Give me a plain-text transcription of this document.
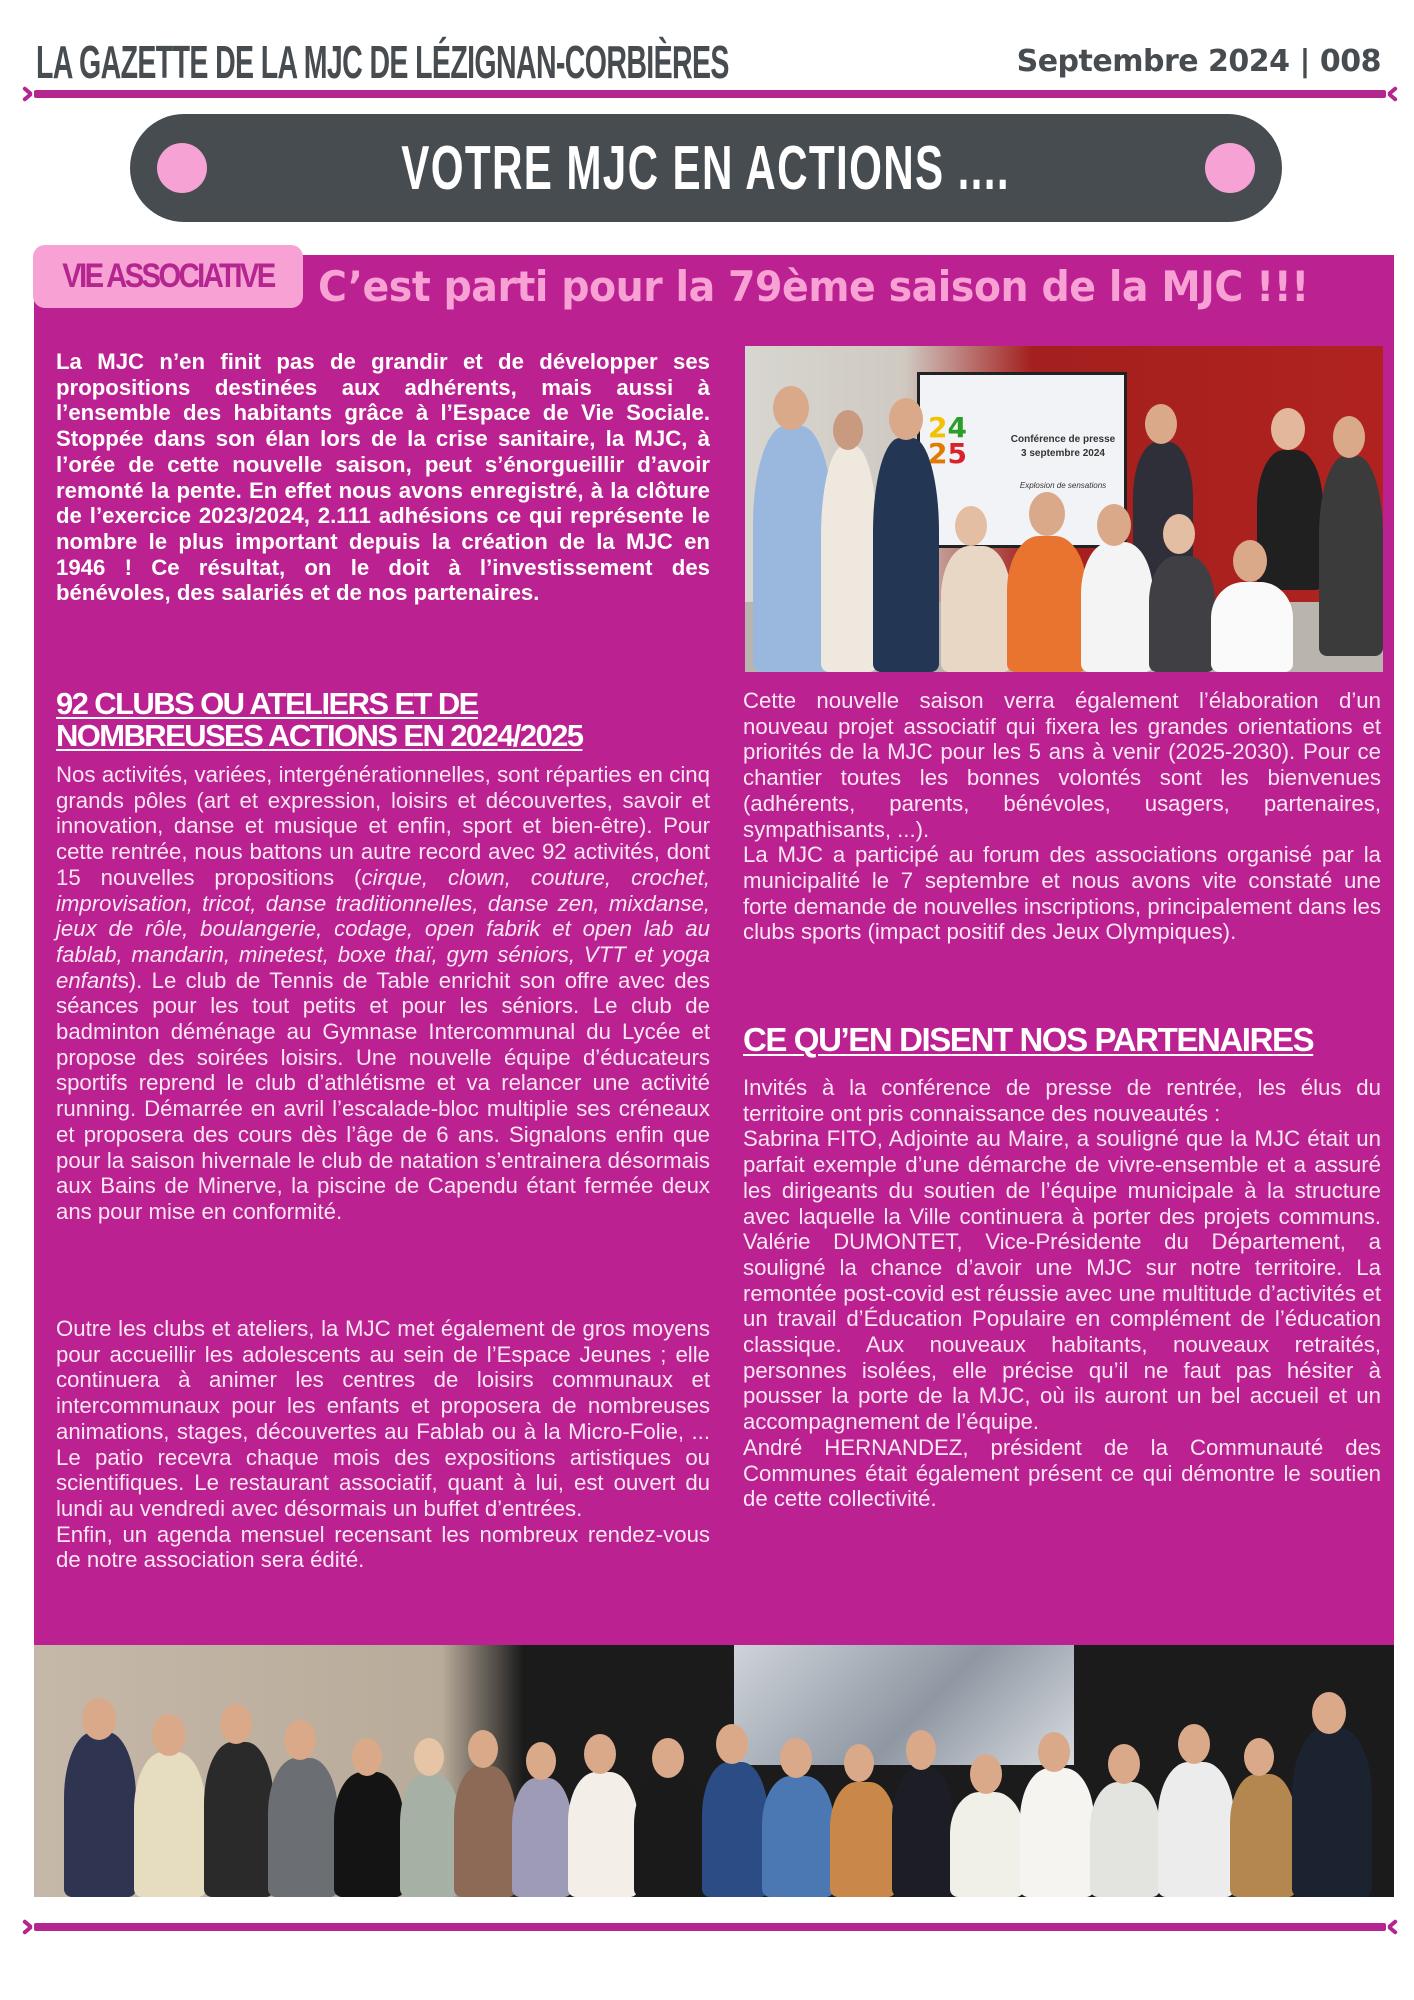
LA GAZETTE DE LA MJC DE LÉZIGNAN-CORBIÈRES	Septembre 2024 | 008
VOTRE MJC EN ACTIONS ....
VIE ASSOCIATIVE C’est parti pour la 79ème saison de la MJC !!!

La MJC n’en finit pas de grandir et de développer ses propositions destinées aux adhérents, mais aussi à l’ensemble des habitants grâce à l’Espace de Vie Sociale. Stoppée dans son élan lors de la crise sanitaire, la MJC, à l’orée de cette nouvelle saison, peut s’énorgueillir d’avoir remonté la pente. En effet nous avons enregistré, à la clôture de l’exercice 2023/2024, 2.111 adhésions ce qui représente le nombre le plus important depuis la création de la MJC en 1946 ! Ce résultat, on le doit à l’investissement des bénévoles, des salariés et de nos partenaires.

92 CLUBS OU ATELIERS ET DE
NOMBREUSES ACTIONS EN 2024/2025

Nos activités, variées, intergénérationnelles, sont réparties en cinq grands pôles (art et expression, loisirs et découvertes, savoir et innovation, danse et musique et enfin, sport et bien-être). Pour cette rentrée, nous battons un autre record avec 92 activités, dont 15 nouvelles propositions (cirque, clown, couture, crochet, improvisation, tricot, danse traditionnelles, danse zen, mixdanse, jeux de rôle, boulangerie, codage, open fabrik et open lab au fablab, mandarin, minetest, boxe thaï, gym séniors, VTT et yoga enfants). Le club de Tennis de Table enrichit son offre avec des séances pour les tout petits et pour les séniors. Le club de badminton déménage au Gymnase Intercommunal du Lycée et propose des soirées loisirs. Une nouvelle équipe d’éducateurs sportifs reprend le club d’athlétisme et va relancer une activité running. Démarrée en avril l’escalade-bloc multiplie ses créneaux et proposera des cours dès l’âge de 6 ans. Signalons enfin que pour la saison hivernale le club de natation s’entrainera désormais aux Bains de Minerve, la piscine de Capendu étant fermée deux ans pour mise en conformité.

Outre les clubs et ateliers, la MJC met également de gros moyens pour accueillir les adolescents au sein de l’Espace Jeunes ; elle continuera à animer les centres de loisirs communaux et intercommunaux pour les enfants et proposera de nombreuses animations, stages, découvertes au Fablab ou à la Micro-Folie, ... Le patio recevra chaque mois des expositions artistiques ou scientifiques. Le restaurant associatif, quant à lui, est ouvert du lundi au vendredi avec désormais un buffet d’entrées.

Enfin, un agenda mensuel recensant les nombreux rendez-vous de notre association sera édité.

24
25	Conférence de presse
3 septembre 2024
Explosion de sensations

Cette nouvelle saison verra également l’élaboration d’un nouveau projet associatif qui fixera les grandes orientations et priorités de la MJC pour les 5 ans à venir (2025-2030). Pour ce chantier toutes les bonnes volontés sont les bienvenues (adhérents, parents, bénévoles, usagers, partenaires, sympathisants, ...).

La MJC a participé au forum des associations organisé par la municipalité le 7 septembre et nous avons vite constaté une forte demande de nouvelles inscriptions, principalement dans les clubs sports (impact positif des Jeux Olympiques).

CE QU’EN DISENT NOS PARTENAIRES

Invités à la conférence de presse de rentrée, les élus du territoire ont pris connaissance des nouveautés :

Sabrina FITO, Adjointe au Maire, a souligné que la MJC était un parfait exemple d’une démarche de vivre-ensemble et a assuré les dirigeants du soutien de l’équipe municipale à la structure avec laquelle la Ville continuera à porter des projets communs. Valérie DUMONTET, Vice-Présidente du Département, a souligné la chance d’avoir une MJC sur notre territoire. La remontée post-covid est réussie avec une multitude d’activités et un travail d’Éducation Populaire en complément de l’éducation classique. Aux nouveaux habitants, nouveaux retraités, personnes isolées, elle précise qu’il ne faut pas hésiter à pousser la porte de la MJC, où ils auront un bel accueil et un accompagnement de l’équipe.

André HERNANDEZ, président de la Communauté des Communes était également présent ce qui démontre le soutien de cette collectivité.
